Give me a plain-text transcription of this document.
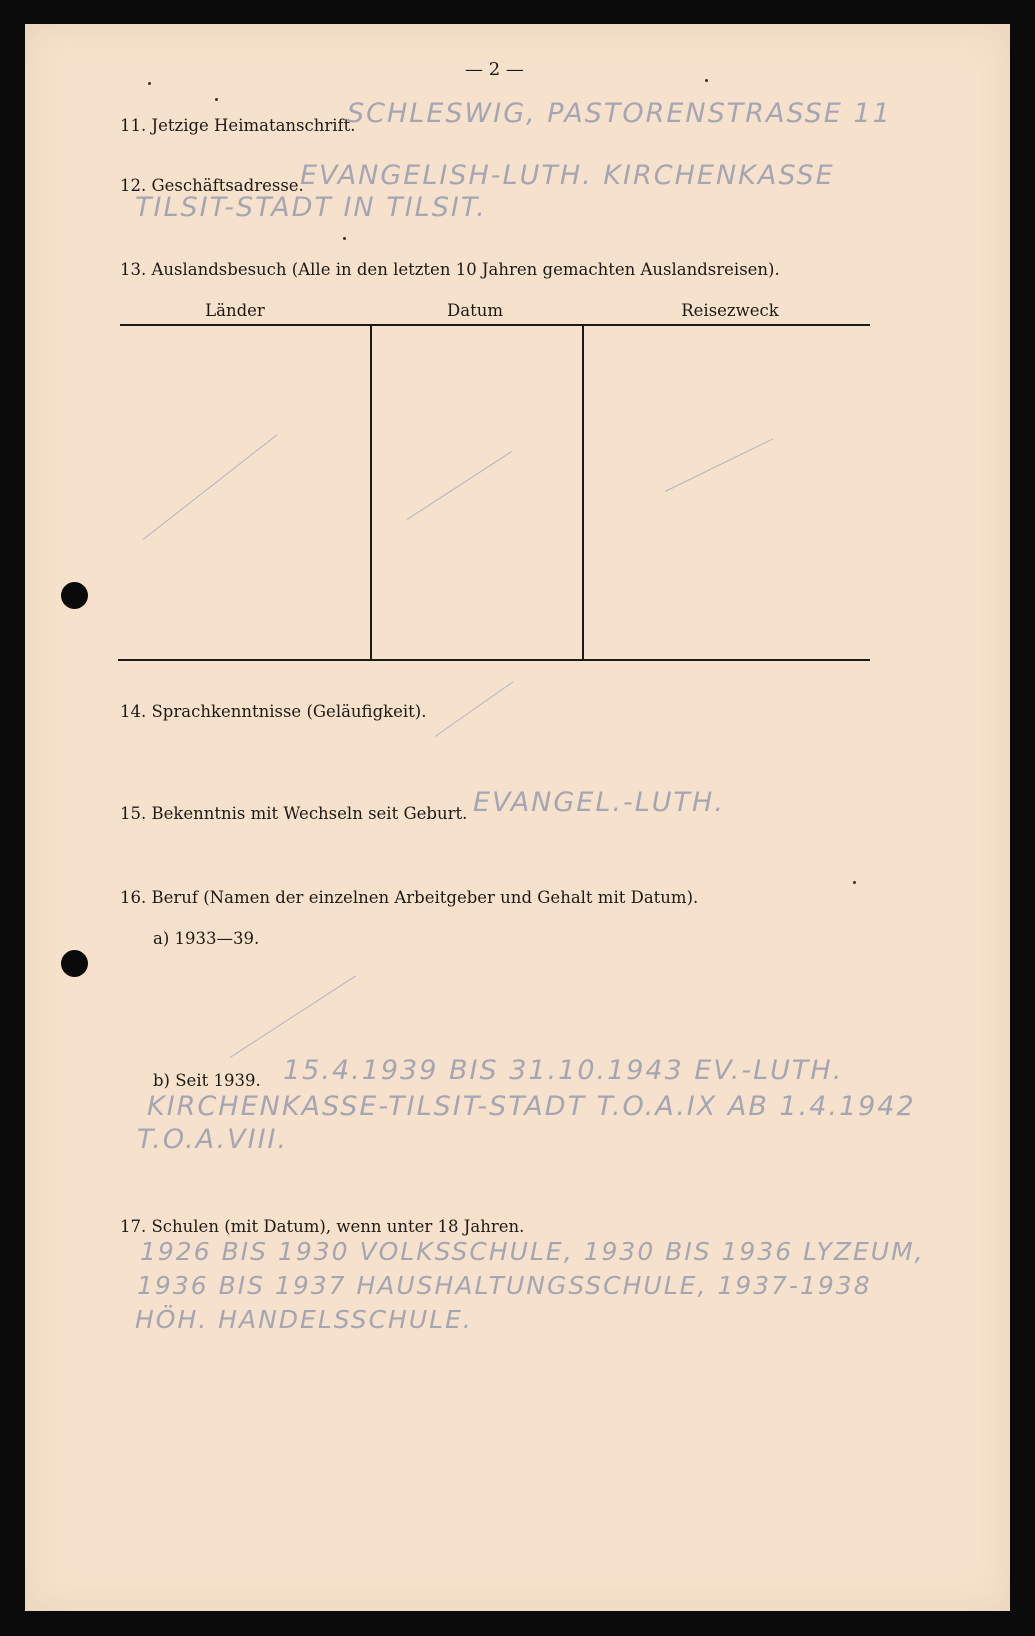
— 2 —
11. Jetzige Heimatanschrift.
SCHLESWIG, PASTORENSTRASSE 11
12. Geschäftsadresse.
EVANGELISH-LUTH. KIRCHENKASSE
TILSIT-STADT IN TILSIT.
13. Auslandsbesuch (Alle in den letzten 10 Jahren gemachten Auslandsreisen).
Länder	Datum	Reisezweck
14. Sprachkenntnisse (Geläufigkeit).
15. Bekenntnis mit Wechseln seit Geburt. EVANGEL.-LUTH.
16. Beruf (Namen der einzelnen Arbeitgeber und Gehalt mit Datum).
a) 1933—39.
b) Seit 1939. 15.4.1939 BIS 31.10.1943 EV.-LUTH.
KIRCHENKASSE-TILSIT-STADT T.O.A.IX AB 1.4.1942
T.O.A.VIII.
17. Schulen (mit Datum), wenn unter 18 Jahren.
1926 BIS 1930 VOLKSSCHULE, 1930 BIS 1936 LYZEUM,
1936 BIS 1937 HAUSHALTUNGSSCHULE, 1937-1938
HÖH. HANDELSSCHULE.
